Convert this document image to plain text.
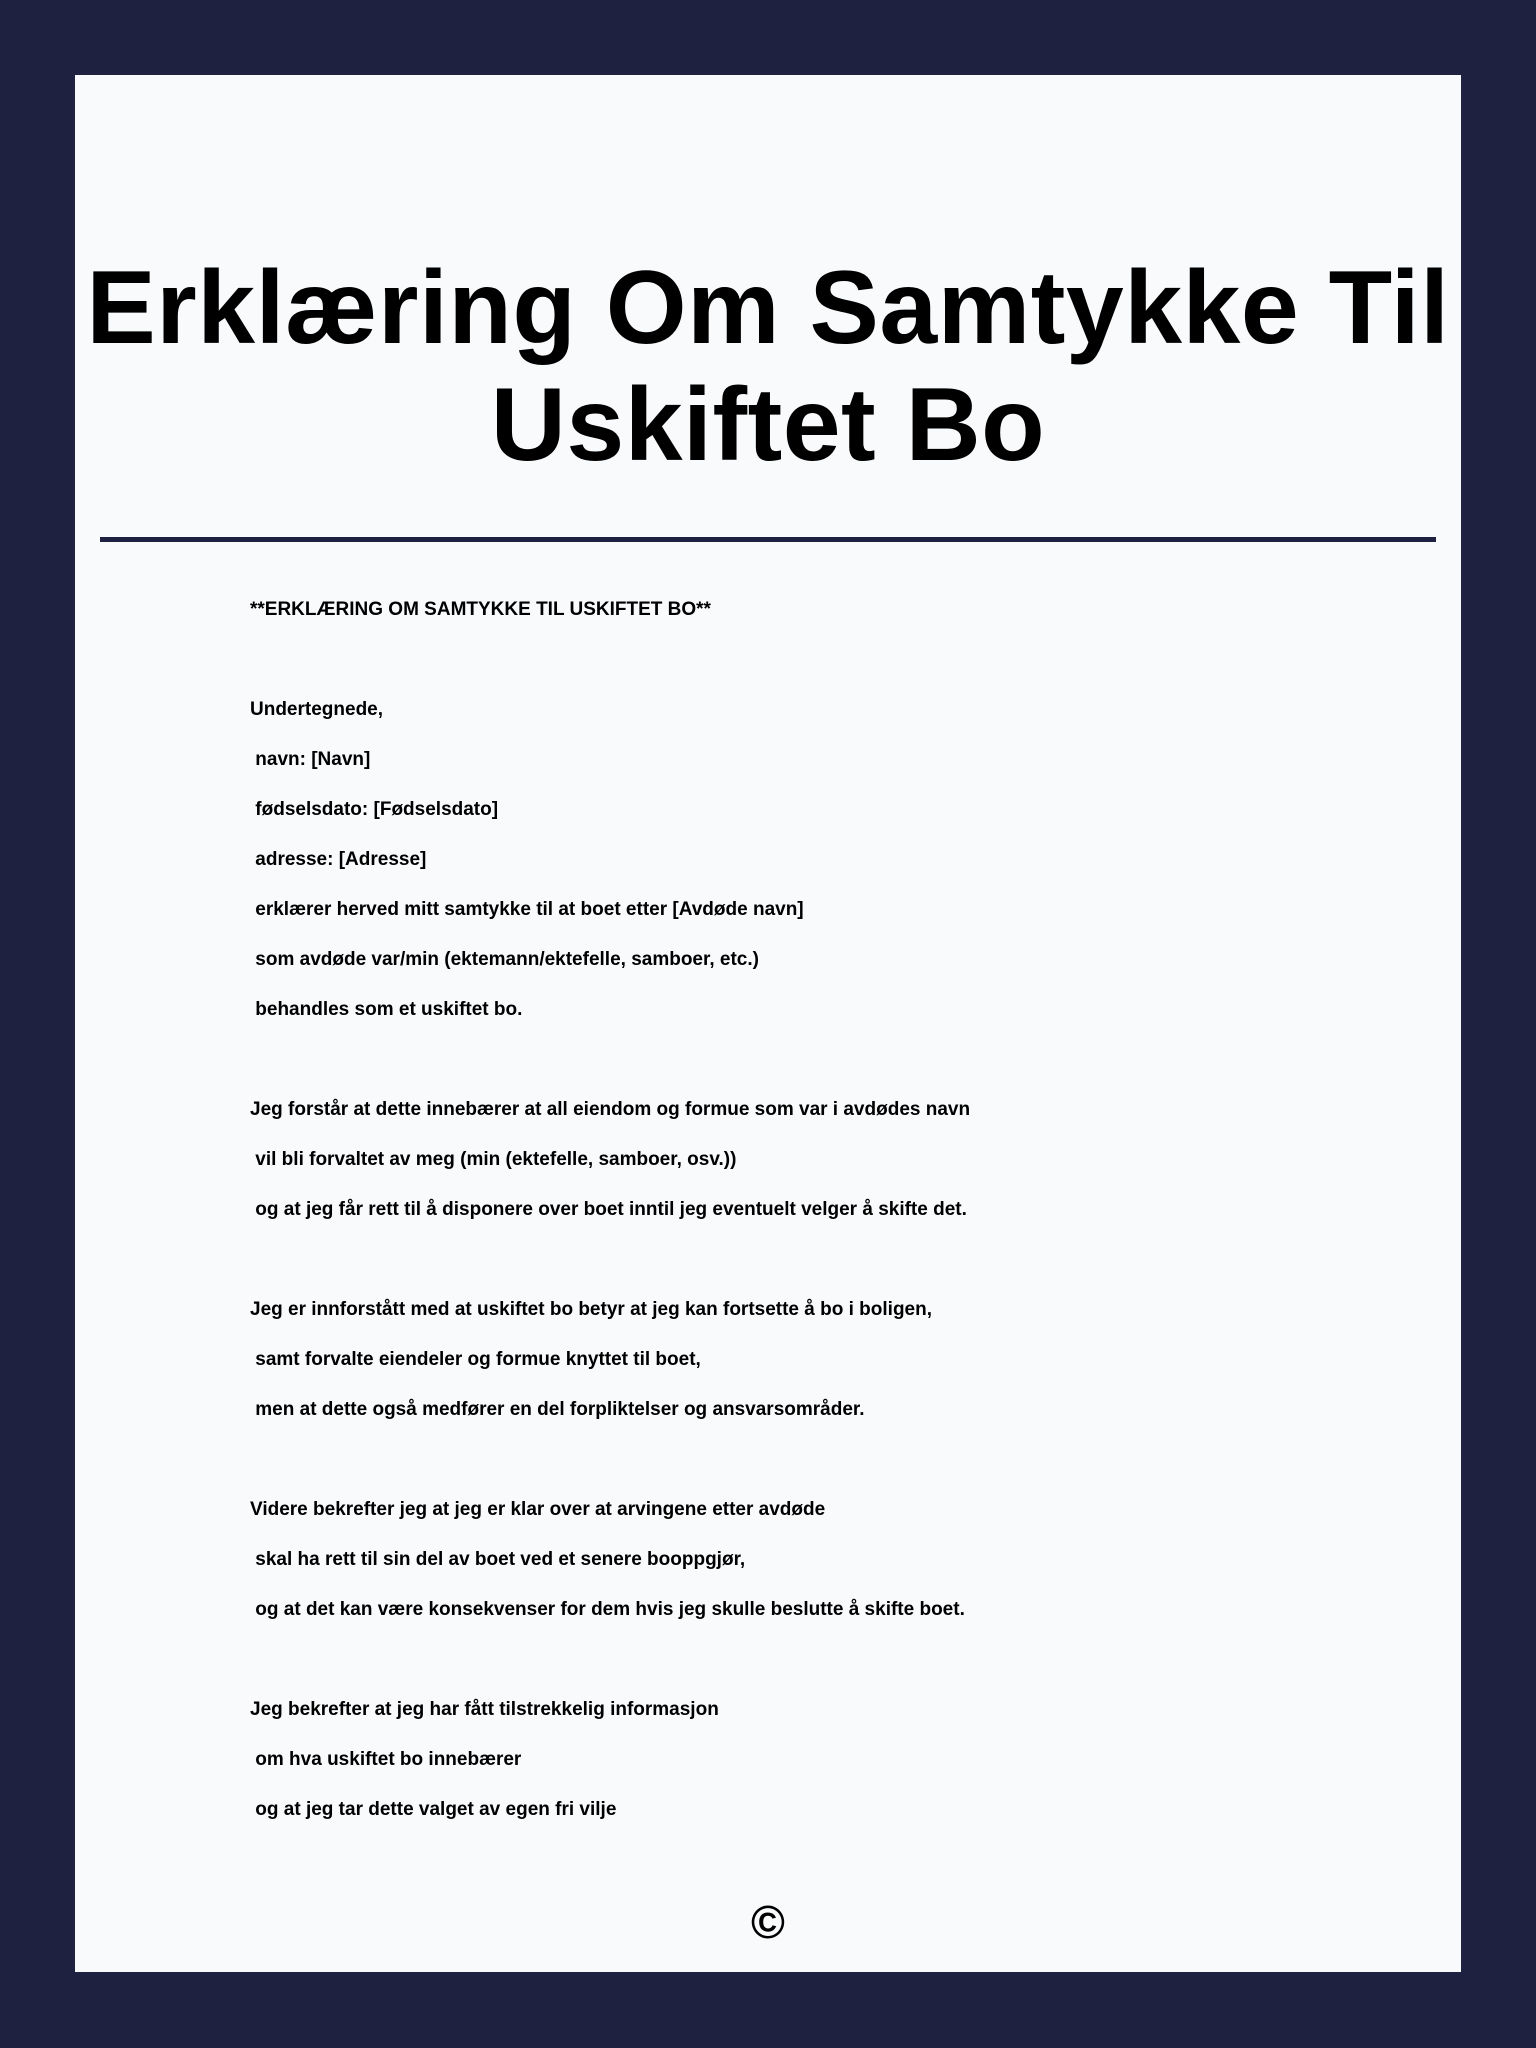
Erklæring Om Samtykke Til Uskiftet Bo
**ERKLÆRING OM SAMTYKKE TIL USKIFTET BO**
Undertegnede,
navn: [Navn]
fødselsdato: [Fødselsdato]
adresse: [Adresse]
erklærer herved mitt samtykke til at boet etter [Avdøde navn]
som avdøde var/min (ektemann/ektefelle, samboer, etc.)
behandles som et uskiftet bo.
Jeg forstår at dette innebærer at all eiendom og formue som var i avdødes navn
vil bli forvaltet av meg (min (ektefelle, samboer, osv.))
og at jeg får rett til å disponere over boet inntil jeg eventuelt velger å skifte det.
Jeg er innforstått med at uskiftet bo betyr at jeg kan fortsette å bo i boligen,
samt forvalte eiendeler og formue knyttet til boet,
men at dette også medfører en del forpliktelser og ansvarsområder.
Videre bekrefter jeg at jeg er klar over at arvingene etter avdøde
skal ha rett til sin del av boet ved et senere booppgjør,
og at det kan være konsekvenser for dem hvis jeg skulle beslutte å skifte boet.
Jeg bekrefter at jeg har fått tilstrekkelig informasjon
om hva uskiftet bo innebærer
og at jeg tar dette valget av egen fri vilje
©
